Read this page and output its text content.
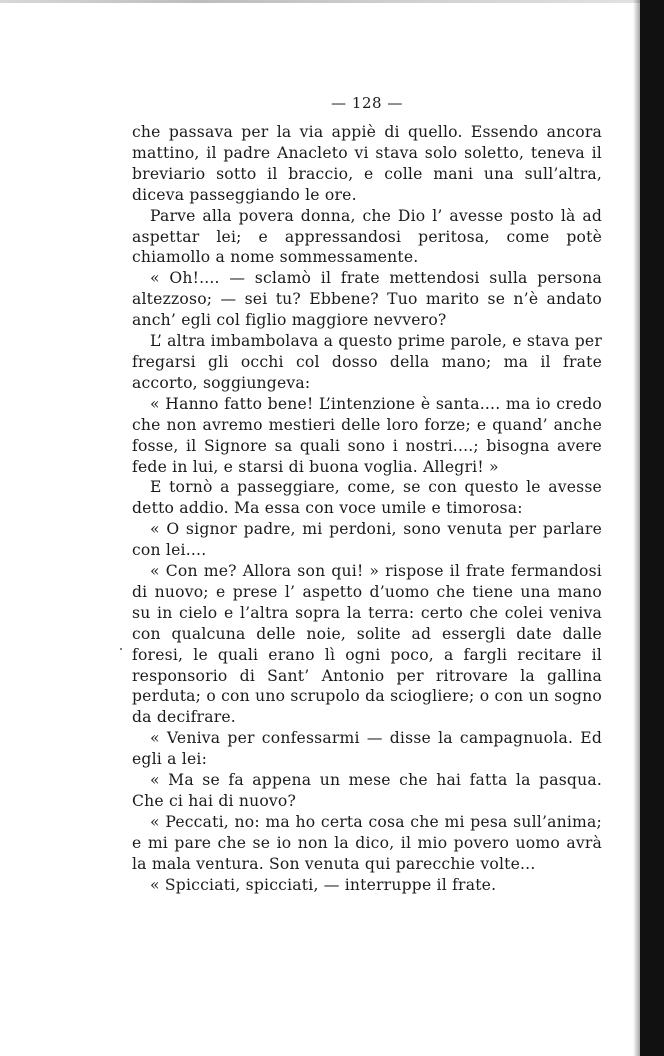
— 128 —

che passava per la via appiè di quello. Essendo ancora mattino, il padre Anacleto vi stava solo soletto, teneva il breviario sotto il braccio, e colle mani una sull’altra, diceva passeggiando le ore.

Parve alla povera donna, che Dio l’ avesse posto là ad aspettar lei; e appressandosi peritosa, come potè chiamollo a nome sommessamente.

« Oh!.... — sclamò il frate mettendosi sulla persona altezzoso; — sei tu? Ebbene? Tuo marito se n’è andato anch’ egli col figlio maggiore nevvero?

L’ altra imbambolava a questo prime parole, e stava per fregarsi gli occhi col dosso della mano; ma il frate accorto, soggiungeva:

« Hanno fatto bene! L’intenzione è santa.... ma io credo che non avremo mestieri delle loro forze; e quand’ anche fosse, il Signore sa quali sono i nostri....; bisogna avere fede in lui, e starsi di buona voglia. Allegri! »

E tornò a passeggiare, come, se con questo le avesse detto addio. Ma essa con voce umile e timorosa:

« O signor padre, mi perdoni, sono venuta per parlare con lei....

« Con me? Allora son qui! » rispose il frate fermandosi di nuovo; e prese l’ aspetto d’uomo che tiene una mano su in cielo e l’altra sopra la terra: certo che colei veniva con qualcuna delle noie, solite ad essergli date dalle foresi, le quali erano lì ogni poco, a fargli recitare il responsorio di Sant’ Antonio per ritrovare la gallina perduta; o con uno scrupolo da sciogliere; o con un sogno da decifrare.

« Veniva per confessarmi — disse la campagnuola. Ed egli a lei:

« Ma se fa appena un mese che hai fatta la pasqua. Che ci hai di nuovo?

« Peccati, no: ma ho certa cosa che mi pesa sull’anima; e mi pare che se io non la dico, il mio povero uomo avrà la mala ventura. Son venuta qui parecchie volte...

« Spicciati, spicciati, — interruppe il frate.
